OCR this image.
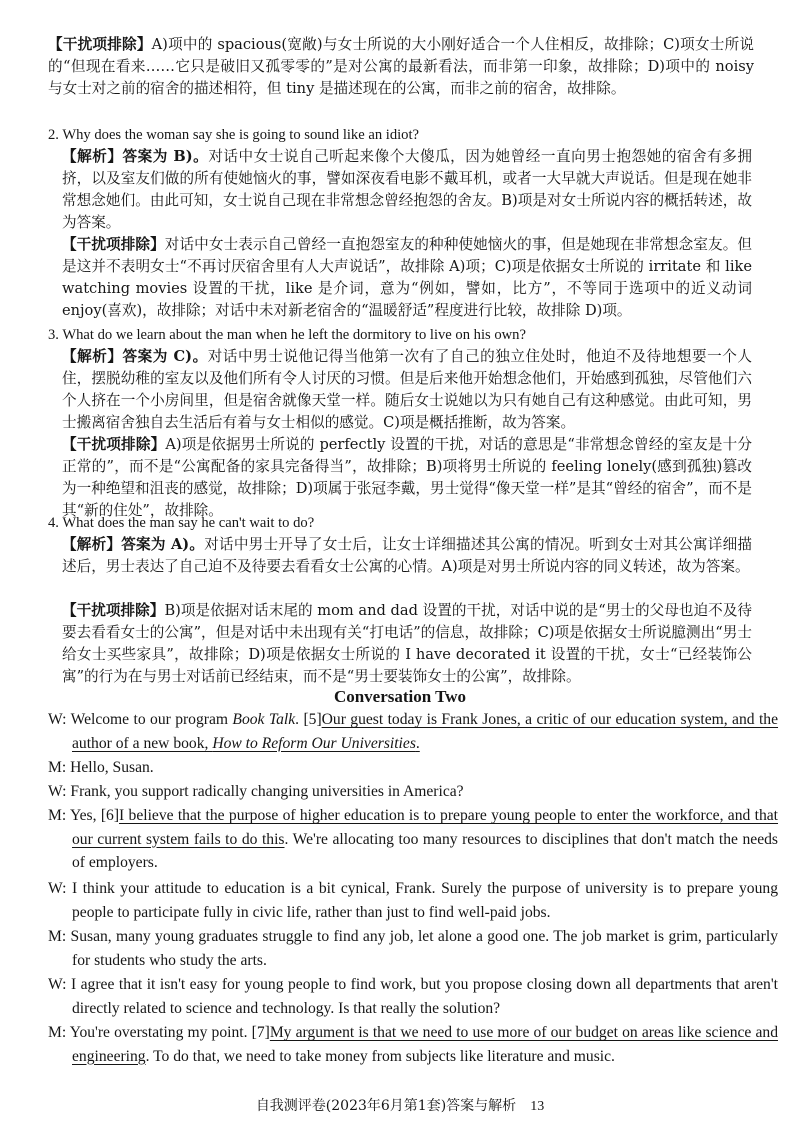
【干扰项排除】A)项中的 spacious(宽敞)与女士所说的大小刚好适合一个人住相反，故排除；C)项女士所说的“但现在看来……它只是破旧又孤零零的”是对公寓的最新看法，而非第一印象，故排除；D)项中的 noisy 与女士对之前的宿舍的描述相符，但 tiny 是描述现在的公寓，而非之前的宿舍，故排除。
2. Why does the woman say she is going to sound like an idiot?
【解析】答案为 B)。对话中女士说自己听起来像个大傻瓜，因为她曾经一直向男士抱怨她的宿舍有多拥挤，以及室友们做的所有使她恼火的事，譬如深夜看电影不戴耳机，或者一大早就大声说话。但是现在她非常想念她们。由此可知，女士说自己现在非常想念曾经抱怨的舍友。B)项是对女士所说内容的概括转述，故为答案。
【干扰项排除】对话中女士表示自己曾经一直抱怨室友的种种使她恼火的事，但是她现在非常想念室友。但是这并不表明女士“不再讨厌宿舍里有人大声说话”，故排除 A)项；C)项是依据女士所说的 irritate 和 like watching movies 设置的干扰，like 是介词，意为“例如，譬如，比方”，不等同于选项中的近义动词 enjoy(喜欢)，故排除；对话中未对新老宿舍的“温暖舒适”程度进行比较，故排除 D)项。
3. What do we learn about the man when he left the dormitory to live on his own?
【解析】答案为 C)。对话中男士说他记得当他第一次有了自己的独立住处时，他迫不及待地想要一个人住，摆脱幼稚的室友以及他们所有令人讨厌的习惯。但是后来他开始想念他们，开始感到孤独，尽管他们六个人挤在一个小房间里，但是宿舍就像天堂一样。随后女士说她以为只有她自己有这种感觉。由此可知，男士搬离宿舍独自去生活后有着与女士相似的感觉。C)项是概括推断，故为答案。
【干扰项排除】A)项是依据男士所说的 perfectly 设置的干扰，对话的意思是“非常想念曾经的室友是十分正常的”，而不是“公寓配备的家具完备得当”，故排除；B)项将男士所说的 feeling lonely(感到孤独)篡改为一种绝望和沮丧的感觉，故排除；D)项属于张冠李戴，男士觉得“像天堂一样”是其“曾经的宿舍”，而不是其“新的住处”，故排除。
4. What does the man say he can't wait to do?
【解析】答案为 A)。对话中男士开导了女士后，让女士详细描述其公寓的情况。听到女士对其公寓详细描述后，男士表达了自己迫不及待要去看看女士公寓的心情。A)项是对男士所说内容的同义转述，故为答案。
【干扰项排除】B)项是依据对话末尾的 mom and dad 设置的干扰，对话中说的是“男士的父母也迫不及待要去看看女士的公寓”，但是对话中未出现有关“打电话”的信息，故排除；C)项是依据女士所说臆测出“男士给女士买些家具”，故排除；D)项是依据女士所说的 I have decorated it 设置的干扰，女士“已经装饰公寓”的行为在与男士对话前已经结束，而不是“男士要装饰女士的公寓”，故排除。
Conversation Two
W: Welcome to our program Book Talk. [5]Our guest today is Frank Jones, a critic of our education system, and the author of a new book, How to Reform Our Universities.
M: Hello, Susan.
W: Frank, you support radically changing universities in America?
M: Yes, [6]I believe that the purpose of higher education is to prepare young people to enter the workforce, and that our current system fails to do this. We're allocating too many resources to disciplines that don't match the needs of employers.
W: I think your attitude to education is a bit cynical, Frank. Surely the purpose of university is to prepare young people to participate fully in civic life, rather than just to find well-paid jobs.
M: Susan, many young graduates struggle to find any job, let alone a good one. The job market is grim, particularly for students who study the arts.
W: I agree that it isn't easy for young people to find work, but you propose closing down all departments that aren't directly related to science and technology. Is that really the solution?
M: You're overstating my point. [7]My argument is that we need to use more of our budget on areas like science and engineering. To do that, we need to take money from subjects like literature and music.
自我测评卷(2023年6月第1套)答案与解析 13
